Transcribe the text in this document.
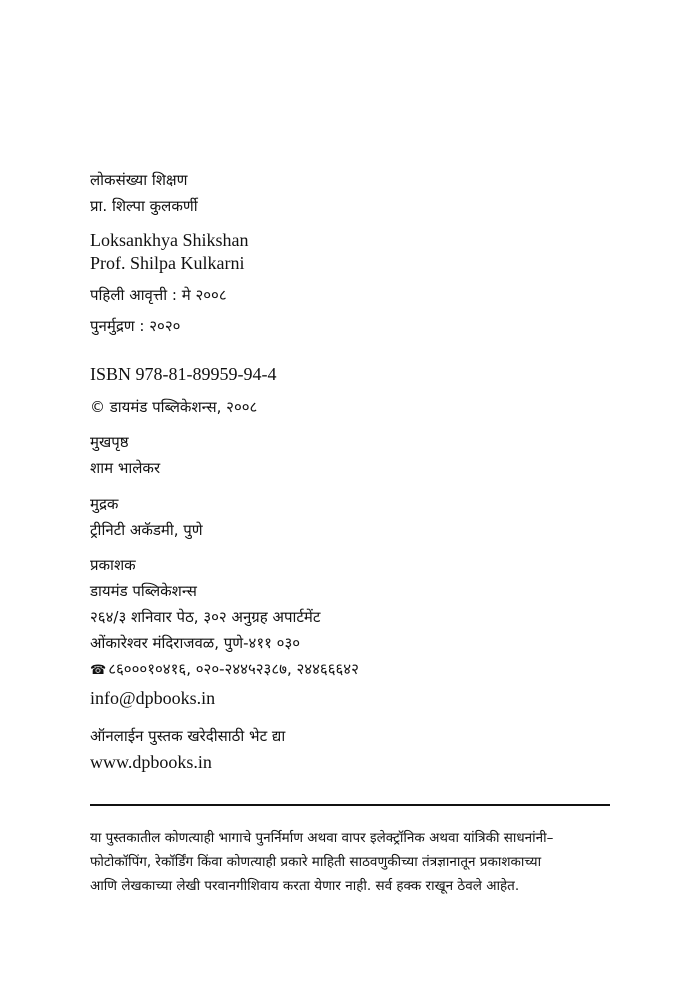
लोकसंख्या शिक्षण
प्रा. शिल्पा कुलकर्णी
Loksankhya Shikshan
Prof. Shilpa Kulkarni
पहिली आवृत्ती : मे २००८
पुनर्मुद्रण : २०२०
ISBN 978-81-89959-94-4
© डायमंड पब्लिकेशन्स, २००८
मुखपृष्ठ
शाम भालेकर
मुद्रक
ट्रीनिटी अकॅडमी, पुणे
प्रकाशक
डायमंड पब्लिकेशन्स
२६४/३ शनिवार पेठ, ३०२ अनुग्रह अपार्टमेंट
ओंकारेश्वर मंदिराजवळ, पुणे-४११ ०३०
☎ ८६०००१०४१६, ०२०-२४४५२३८७, २४४६६६४२
info@dpbooks.in
ऑनलाईन पुस्तक खरेदीसाठी भेट द्या
www.dpbooks.in
या पुस्तकातील कोणत्याही भागाचे पुनर्निर्माण अथवा वापर इलेक्ट्रॉनिक अथवा यांत्रिकी साधनांनी–
फोटोकॉपिंग, रेकॉर्डिंग किंवा कोणत्याही प्रकारे माहिती साठवणुकीच्या तंत्रज्ञानातून प्रकाशकाच्या
आणि लेखकाच्या लेखी परवानगीशिवाय करता येणार नाही. सर्व हक्क राखून ठेवले आहेत.
